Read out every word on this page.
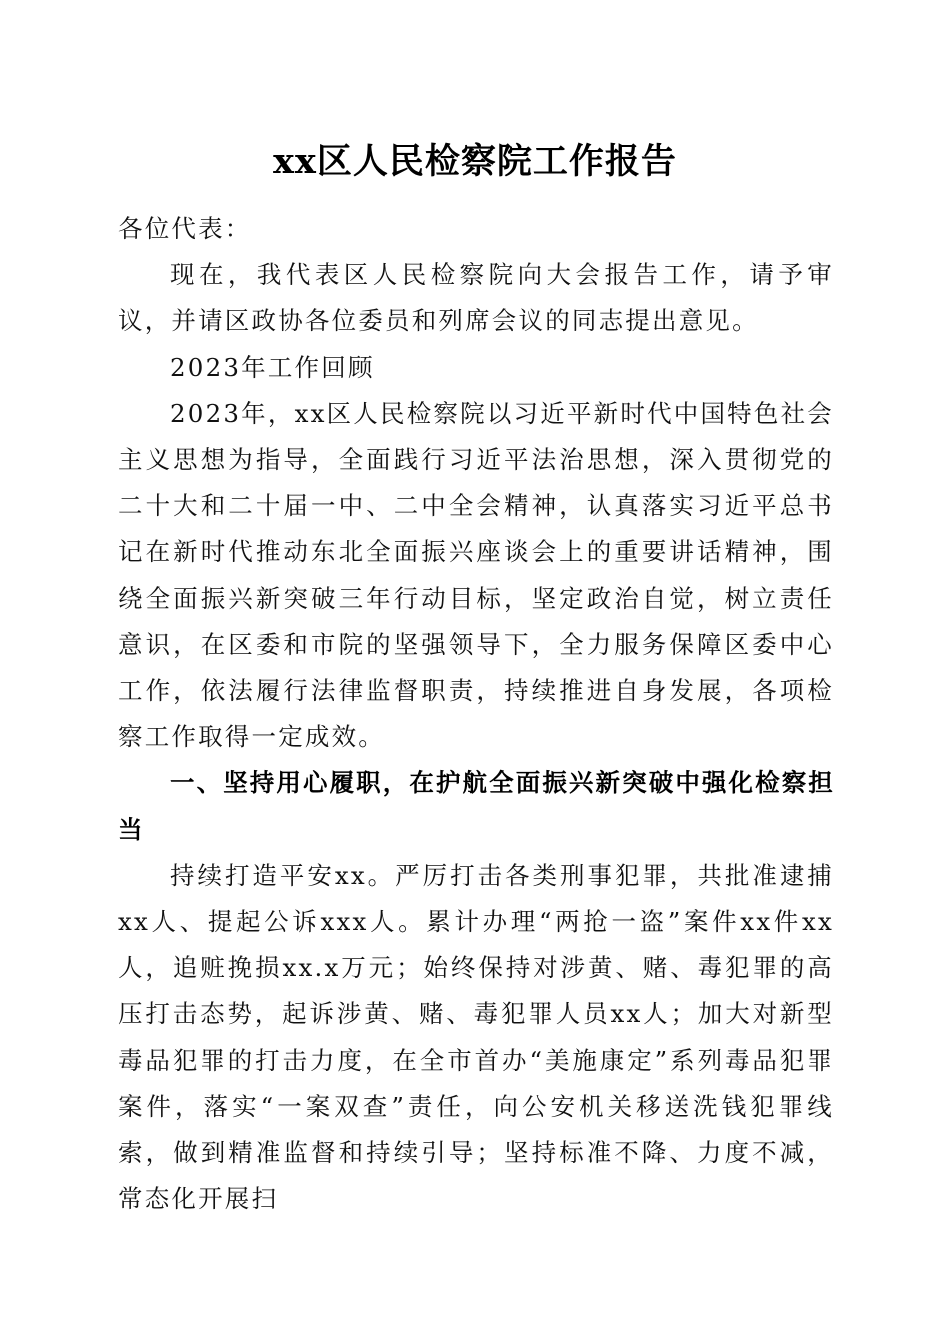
xx区人民检察院工作报告

各位代表：

现在，我代表区人民检察院向大会报告工作，请予审议，并请区政协各位委员和列席会议的同志提出意见。

2023年工作回顾

2023年，xx区人民检察院以习近平新时代中国特色社会主义思想为指导，全面践行习近平法治思想，深入贯彻党的二十大和二十届一中、二中全会精神，认真落实习近平总书记在新时代推动东北全面振兴座谈会上的重要讲话精神，围绕全面振兴新突破三年行动目标，坚定政治自觉，树立责任意识，在区委和市院的坚强领导下，全力服务保障区委中心工作，依法履行法律监督职责，持续推进自身发展，各项检察工作取得一定成效。

一、坚持用心履职，在护航全面振兴新突破中强化检察担当

持续打造平安xx。严厉打击各类刑事犯罪，共批准逮捕xx人、提起公诉xxx人。累计办理“两抢一盗”案件xx件xx人，追赃挽损xx.x万元；始终保持对涉黄、赌、毒犯罪的高压打击态势，起诉涉黄、赌、毒犯罪人员xx人；加大对新型毒品犯罪的打击力度，在全市首办“美施康定”系列毒品犯罪案件，落实“一案双查”责任，向公安机关移送洗钱犯罪线索，做到精准监督和持续引导；坚持标准不降、力度不减，常态化开展扫
